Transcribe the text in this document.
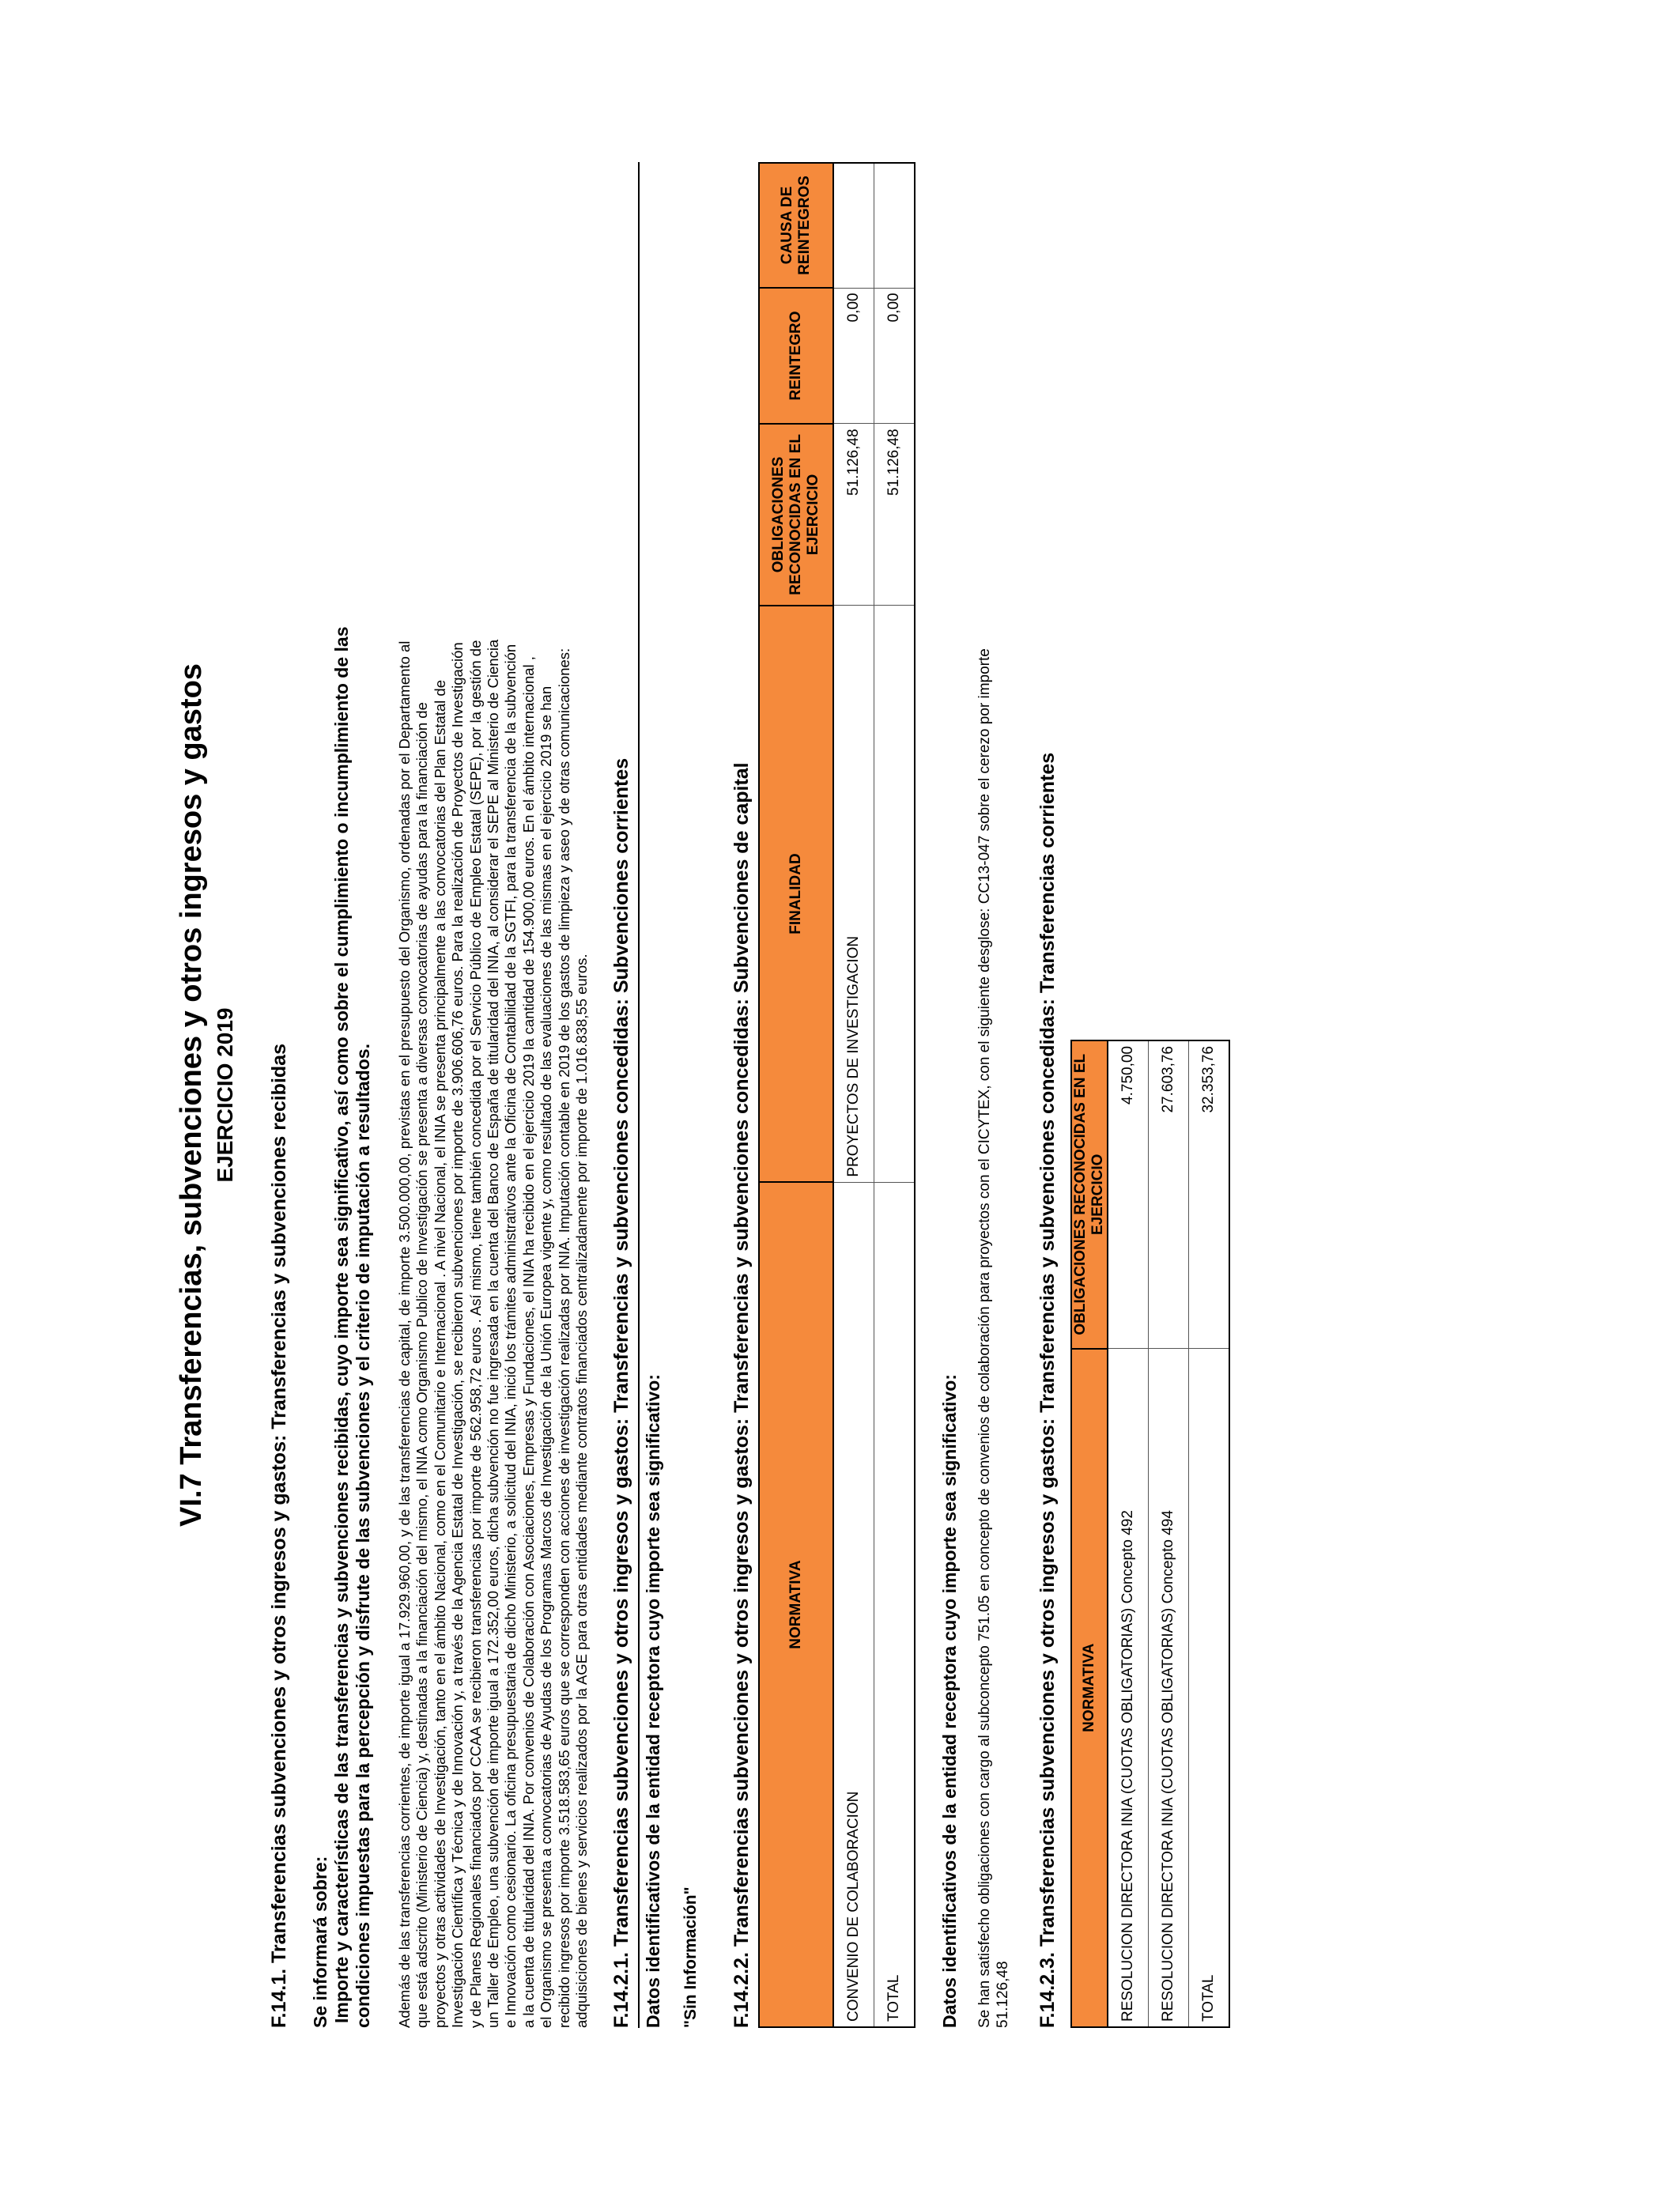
VI.7 Transferencias, subvenciones y otros ingresos y gastos EJERCICIO 2019 F.14.1. Transferencias subvenciones y otros ingresos y gastos: Transferencias y subvenciones recibidas Se informará sobre: Importe y características de las transferencias y subvenciones recibidas, cuyo importe sea significativo, así como sobre el cumplimiento o incumplimiento de las condiciones impuestas para la percepción y disfrute de las subvenciones y el criterio de imputación a resultados. Además de las transferencias corrientes, de importe igual a 17.929.960,00, y de las transferencias de capital, de importe 3.500.000,00, previstas en el presupuesto del Organismo, ordenadas por el Departamento al que está adscrito (Ministerio de Ciencia) y, destinadas a la financiación del mismo, el INIA como Organismo Publico de Investigación se presenta a diversas convocatorias de ayudas para la financiación de proyectos y otras actividades de Investigación, tanto en el ámbito Nacional, como en el Comunitario e Internacional . A nivel Nacional, el INIA se presenta principalmente a las convocatorias del Plan Estatal de Investigación Científica y Técnica y de Innovación y, a través de la Agencia Estatal de Investigación, se recibieron subvenciones por importe de 3.906.606,76 euros. Para la realización de Proyectos de Investigación y de Planes Regionales financiados por CCAA se recibieron transferencias por importe de 562.958,72 euros . Así mismo, tiene también concedida por el Servicio Público de Empleo Estatal (SEPE), por la gestión de un Taller de Empleo, una subvención de importe igual a 172.352,00 euros, dicha subvención no fue ingresada en la cuenta del Banco de España de titularidad del INIA, al considerar el SEPE al Ministerio de Ciencia e Innovación como cesionario. La oficina presupuestaria de dicho Ministerio, a solicitud del INIA, inició los trámites administrativos ante la Oficina de Contabilidad de la SGTFI, para la transferencia de la subvención a la cuenta de titularidad del INIA. Por convenios de Colaboración con Asociaciones, Empresas y Fundaciones, el INIA ha recibido en el ejercicio 2019 la cantidad de 154.900,00 euros. En el ámbito internacional , el Organismo se presenta a convocatorias de Ayudas de los Programas Marcos de Investigación de la Unión Europea vigente y, como resultado de las evaluaciones de las mismas en el ejercicio 2019 se han recibido ingresos por importe 3.518.583,65 euros que se corresponden con acciones de investigación realizadas por INIA. Imputación contable en 2019 de los gastos de limpieza y aseo y de otras comunicaciones: adquisiciones de bienes y servicios realizados por la AGE para otras entidades mediante contratos financiados centralizadamente por importe de 1.016.838,55 euros. F.14.2.1. Transferencias subvenciones y otros ingresos y gastos: Transferencias y subvenciones concedidas: Subvenciones corrientes Datos identificativos de la entidad receptora cuyo importe sea significativo: "Sin Información" F.14.2.2. Transferencias subvenciones y otros ingresos y gastos: Transferencias y subvenciones concedidas: Subvenciones de capital NORMATIVA	FINALIDAD	OBLIGACIONES RECONOCIDAS EN EL EJERCICIO	REINTEGRO	CAUSA DE REINTEGROS
CONVENIO DE COLABORACION	PROYECTOS DE INVESTIGACION	51.126,48	0,00	
TOTAL		51.126,48	0,00	

Datos identificativos de la entidad receptora cuyo importe sea significativo: Se han satisfecho obligaciones con cargo al subconcepto 751.05 en concepto de convenios de colaboración para proyectos con el CICYTEX, con el siguiente desglose: CC13-047 sobre el cerezo por importe 51.126,48 F.14.2.3. Transferencias subvenciones y otros ingresos y gastos: Transferencias y subvenciones concedidas: Transferencias corrientes NORMATIVA	OBLIGACIONES RECONOCIDAS EN EL EJERCICIO
RESOLUCION DIRECTORA INIA (CUOTAS OBLIGATORIAS) Concepto 492	4.750,00
RESOLUCION DIRECTORA INIA (CUOTAS OBLIGATORIAS) Concepto 494	27.603,76
TOTAL	32.353,76
